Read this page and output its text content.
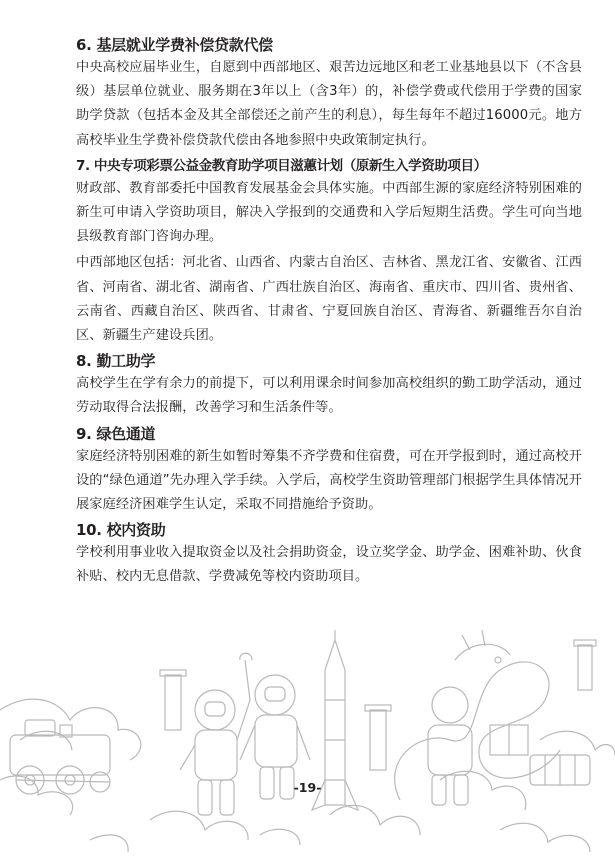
6. 基层就业学费补偿贷款代偿

中央高校应届毕业生，自愿到中西部地区、艰苦边远地区和老工业基地县以下（不含县级）基层单位就业、服务期在3年以上（含3年）的，补偿学费或代偿用于学费的国家助学贷款（包括本金及其全部偿还之前产生的利息），每生每年不超过16000元。地方高校毕业生学费补偿贷款代偿由各地参照中央政策制定执行。

7. 中央专项彩票公益金教育助学项目滋蕙计划（原新生入学资助项目）

财政部、教育部委托中国教育发展基金会具体实施。中西部生源的家庭经济特别困难的新生可申请入学资助项目，解决入学报到的交通费和入学后短期生活费。学生可向当地县级教育部门咨询办理。

中西部地区包括：河北省、山西省、内蒙古自治区、吉林省、黑龙江省、安徽省、江西省、河南省、湖北省、湖南省、广西壮族自治区、海南省、重庆市、四川省、贵州省、云南省、西藏自治区、陕西省、甘肃省、宁夏回族自治区、青海省、新疆维吾尔自治区、新疆生产建设兵团。

8. 勤工助学

高校学生在学有余力的前提下，可以利用课余时间参加高校组织的勤工助学活动，通过劳动取得合法报酬，改善学习和生活条件等。

9. 绿色通道

家庭经济特别困难的新生如暂时筹集不齐学费和住宿费，可在开学报到时，通过高校开设的“绿色通道”先办理入学手续。入学后，高校学生资助管理部门根据学生具体情况开展家庭经济困难学生认定，采取不同措施给予资助。

10. 校内资助

学校利用事业收入提取资金以及社会捐助资金，设立奖学金、助学金、困难补助、伙食补贴、校内无息借款、学费减免等校内资助项目。

-19-
